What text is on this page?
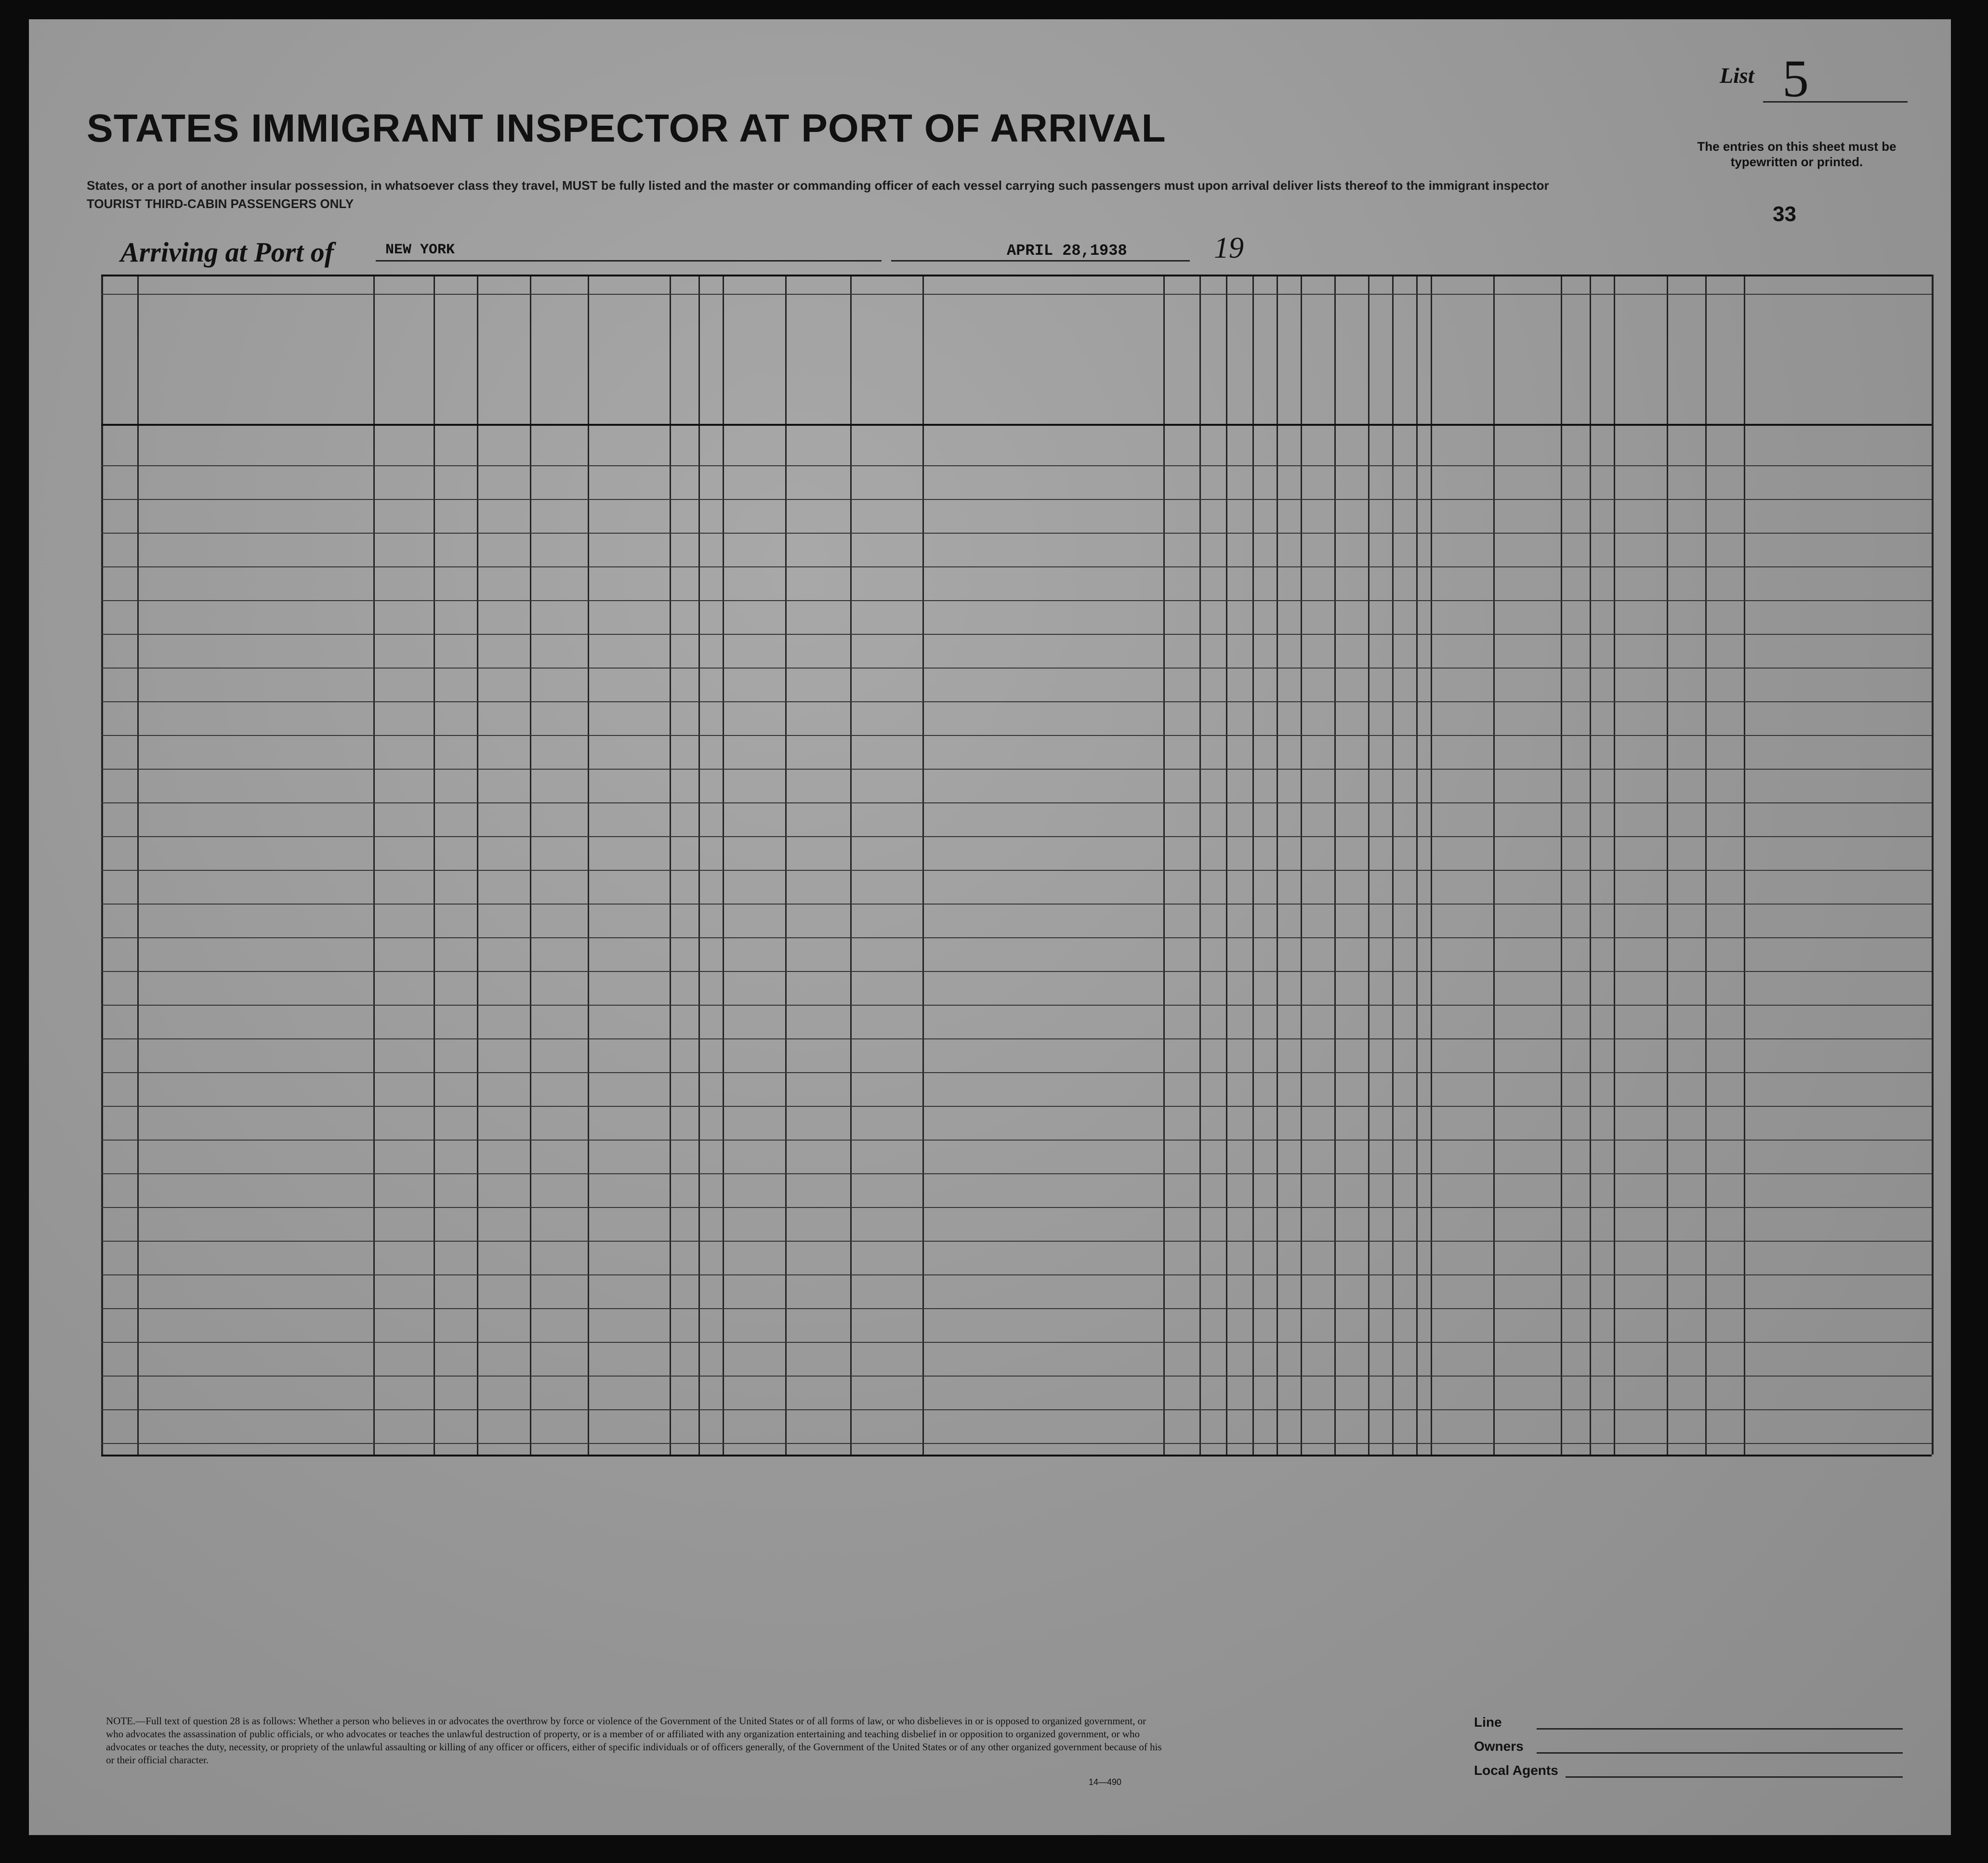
STATES IMMIGRANT INSPECTOR AT PORT OF ARRIVAL
States, or a port of another insular possession, in whatsoever class they travel, MUST be fully listed and the master or commanding officer of each vessel carrying such passengers must upon arrival deliver lists thereof to the immigrant inspector
TOURIST THIRD-CABIN PASSENGERS ONLY
Arriving at Port of	NEW YORK	APRIL 28,1938	19
List 5
The entries on this sheet must be typewritten or printed.
33
NOTE.—Full text of question 28 is as follows: Whether a person who believes in or advocates the overthrow by force or violence of the Government of the United States or of all forms of law, or who disbelieves in or is opposed to organized government, or who advocates the assassination of public officials, or who advocates or teaches the unlawful destruction of property, or is a member of or affiliated with any organization entertaining and teaching disbelief in or opposition to organized government, or who advocates or teaches the duty, necessity, or propriety of the unlawful assaulting or killing of any officer or officers, either of specific individuals or of officers generally, of the Government of the United States or of any other organized government because of his or their official character.
14—490
Line
Owners
Local Agents
